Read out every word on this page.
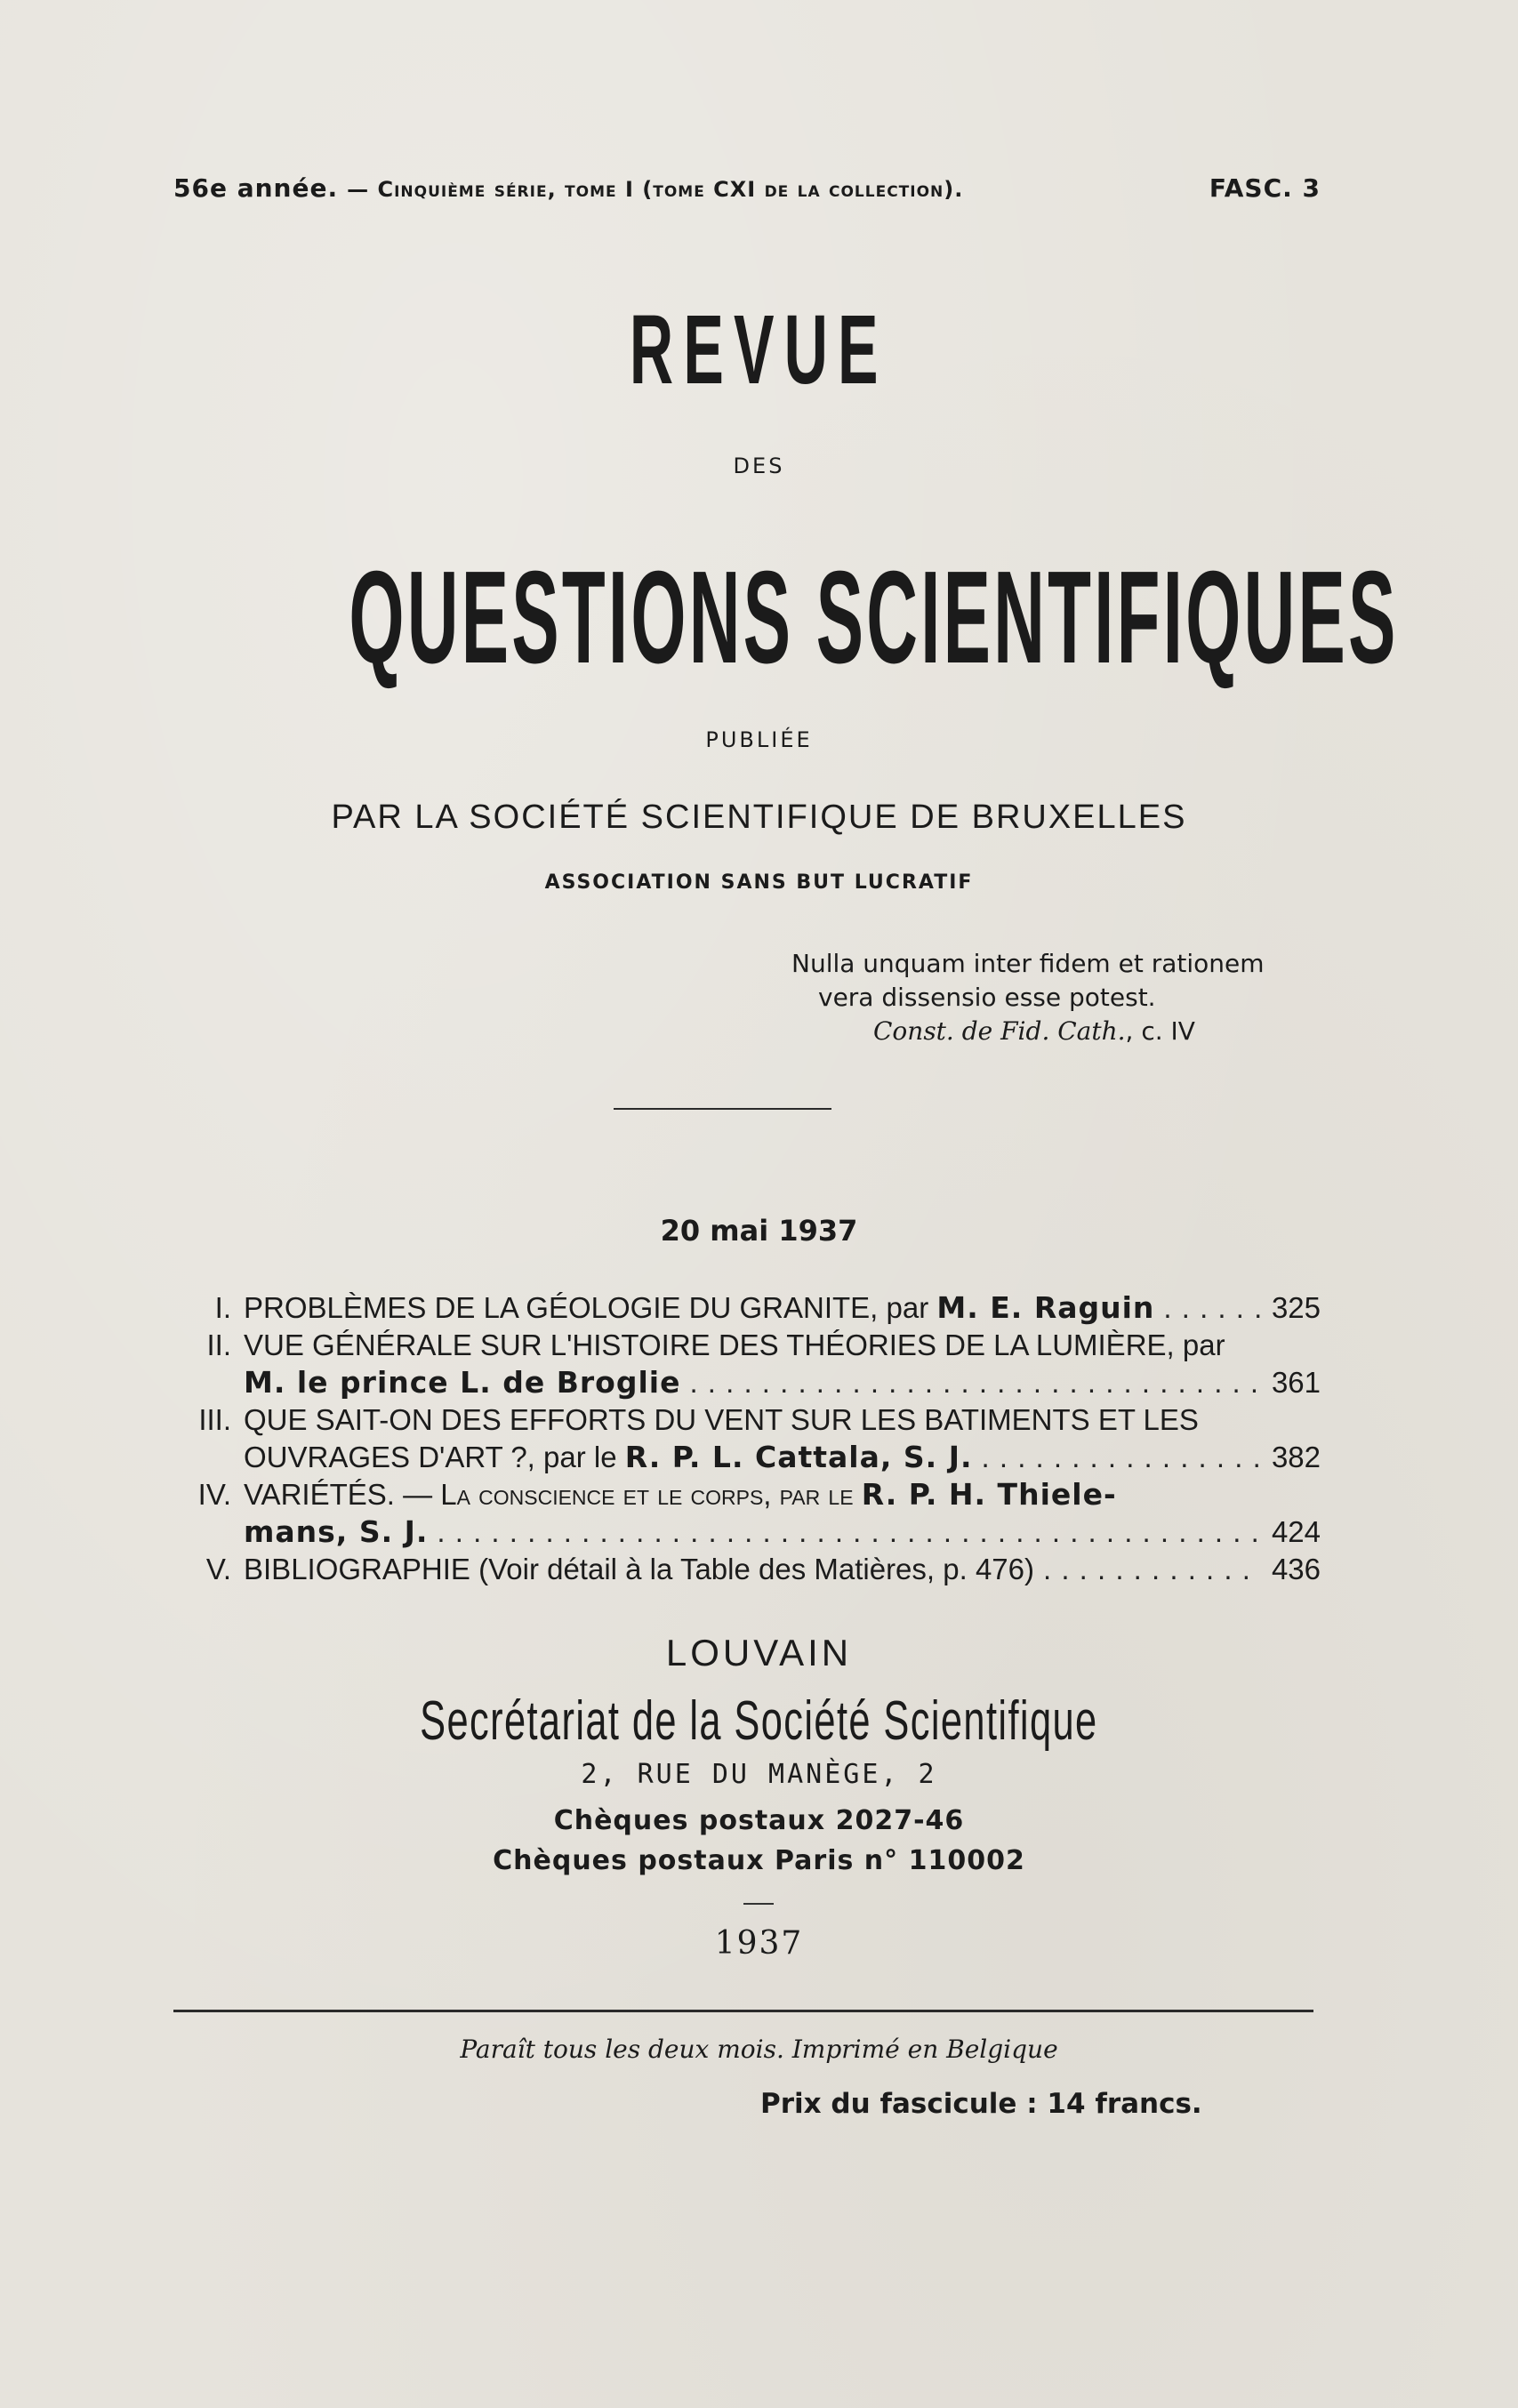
56e année. — Cinquième série, tome I (tome CXI de la collection).	FASC. 3
REVUE
DES
QUESTIONS SCIENTIFIQUES
PUBLIÉE
PAR LA SOCIÉTÉ SCIENTIFIQUE DE BRUXELLES
ASSOCIATION SANS BUT LUCRATIF
Nulla unquam inter fidem et rationem
vera dissensio esse potest.
Const. de Fid. Cath., c. IV
20 mai 1937
I. PROBLÈMES DE LA GÉOLOGIE DU GRANITE, par
M. E. Raguin . . .	325
II. VUE GÉNÉRALE SUR L'HISTOIRE DES THÉORIES DE LA LUMIÈRE, par
M. le prince L. de Broglie . . .	361
III. QUE SAIT-ON DES EFFORTS DU VENT SUR LES BATIMENTS ET LES
OUVRAGES D'ART ?, par le
R. P. L. Cattala, S. J. . . .	382
IV. VARIÉTÉS.
— La conscience et le corps, par le
R. P. H. Thiele-
mans, S. J. . . .	424
V. BIBLIOGRAPHIE (Voir détail à la Table des Matières, p. 476) . . .	436
LOUVAIN
Secrétariat de la Société Scientifique
2, RUE DU MANÈGE, 2
Chèques postaux 2027-46
Chèques postaux Paris n° 110002
1937
Paraît tous les deux mois. Imprimé en Belgique
Prix du fascicule : 14 francs.
